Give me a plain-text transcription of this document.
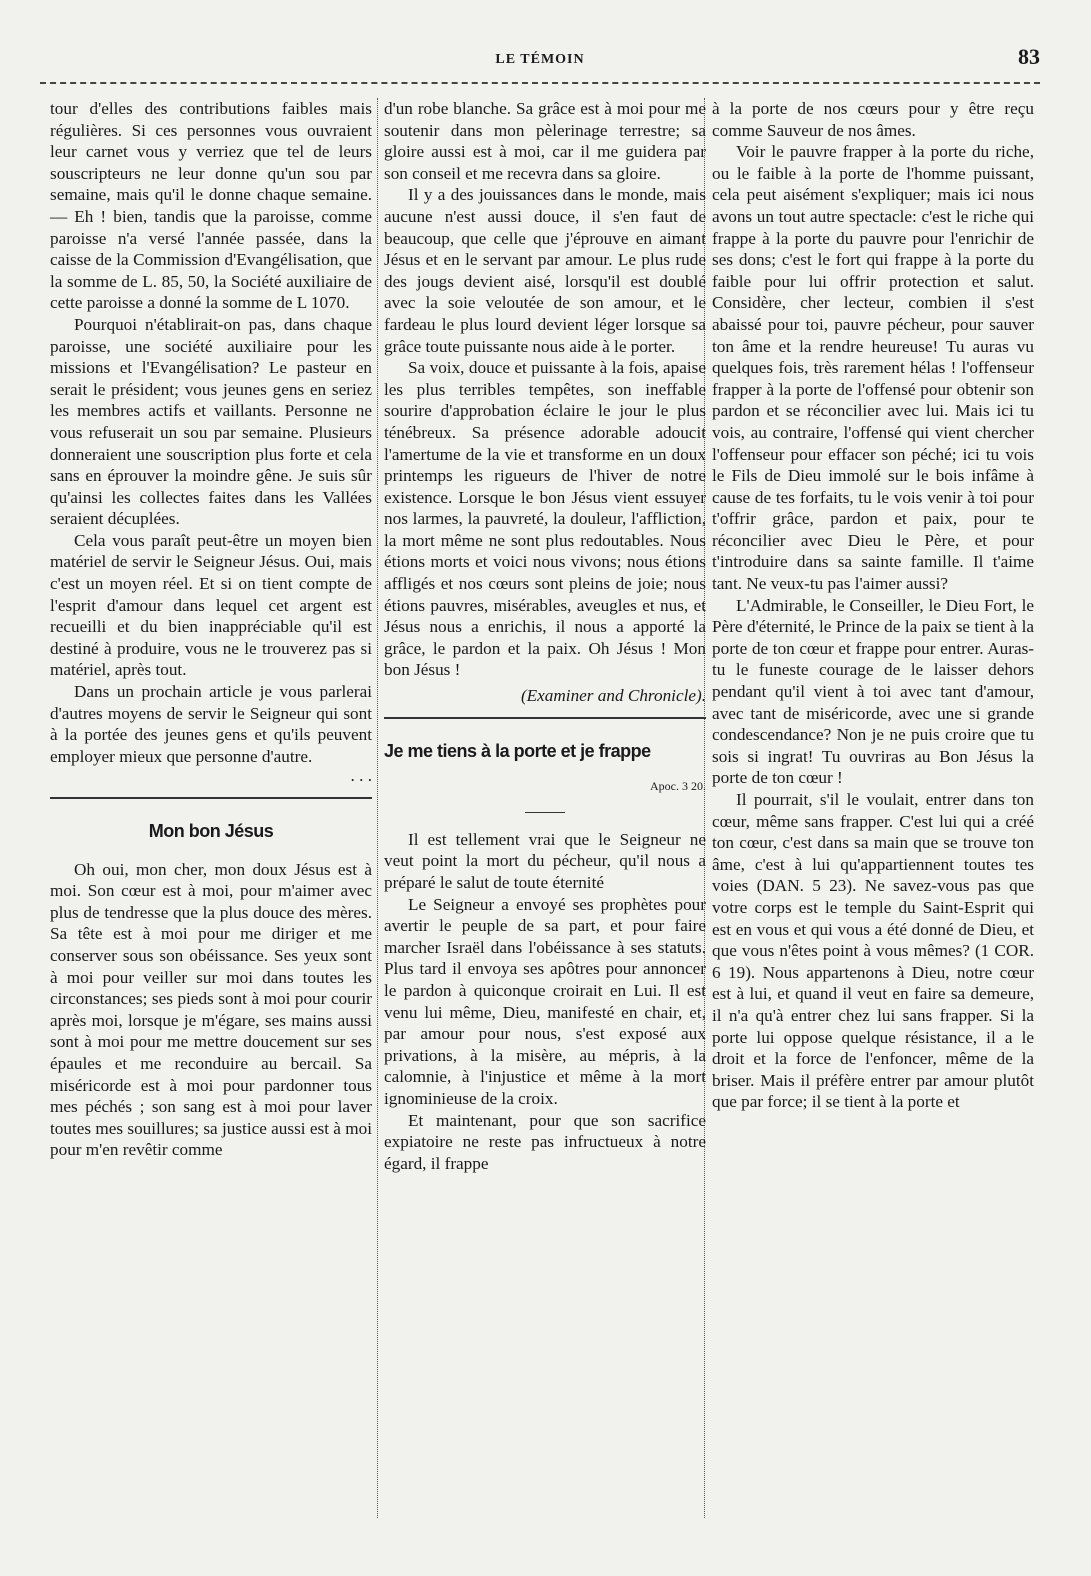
LE TÉMOIN	83

tour d'elles des contributions faibles mais régulières. Si ces personnes vous ouvraient leur carnet vous y verriez que tel de leurs souscripteurs ne leur donne qu'un sou par semaine, mais qu'il le donne chaque semaine. — Eh ! bien, tandis que la paroisse, comme paroisse n'a versé l'année passée, dans la caisse de la Commission d'Evangélisation, que la somme de L. 85, 50, la Société auxiliaire de cette paroisse a donné la somme de L 1070.

Pourquoi n'établirait-on pas, dans chaque paroisse, une société auxiliaire pour les missions et l'Evangélisation? Le pasteur en serait le président; vous jeunes gens en seriez les membres actifs et vaillants. Personne ne vous refuserait un sou par semaine. Plusieurs donneraient une souscription plus forte et cela sans en éprouver la moindre gêne. Je suis sûr qu'ainsi les collectes faites dans les Vallées seraient décuplées.

Cela vous paraît peut-être un moyen bien matériel de servir le Seigneur Jésus. Oui, mais c'est un moyen réel. Et si on tient compte de l'esprit d'amour dans lequel cet argent est recueilli et du bien inappréciable qu'il est destiné à produire, vous ne le trouverez pas si matériel, après tout.

Dans un prochain article je vous parlerai d'autres moyens de servir le Seigneur qui sont à la portée des jeunes gens et qu'ils peuvent employer mieux que personne d'autre.

. . .
Mon bon Jésus

Oh oui, mon cher, mon doux Jésus est à moi. Son cœur est à moi, pour m'aimer avec plus de tendresse que la plus douce des mères. Sa tête est à moi pour me diriger et me conserver sous son obéissance. Ses yeux sont à moi pour veiller sur moi dans toutes les circonstances; ses pieds sont à moi pour courir après moi, lorsque je m'égare, ses mains aussi sont à moi pour me mettre doucement sur ses épaules et me reconduire au bercail. Sa miséricorde est à moi pour pardonner tous mes péchés ; son sang est à moi pour laver toutes mes souillures; sa justice aussi est à moi pour m'en revêtir comme

d'un robe blanche. Sa grâce est à moi pour me soutenir dans mon pèlerinage terrestre; sa gloire aussi est à moi, car il me guidera par son conseil et me recevra dans sa gloire.

Il y a des jouissances dans le monde, mais aucune n'est aussi douce, il s'en faut de beaucoup, que celle que j'éprouve en aimant Jésus et en le servant par amour. Le plus rude des jougs devient aisé, lorsqu'il est doublé avec la soie veloutée de son amour, et le fardeau le plus lourd devient léger lorsque sa grâce toute puissante nous aide à le porter.

Sa voix, douce et puissante à la fois, apaise les plus terribles tempêtes, son ineffable sourire d'approbation éclaire le jour le plus ténébreux. Sa présence adorable adoucit l'amertume de la vie et transforme en un doux printemps les rigueurs de l'hiver de notre existence. Lorsque le bon Jésus vient essuyer nos larmes, la pauvreté, la douleur, l'affliction, la mort même ne sont plus redoutables. Nous étions morts et voici nous vivons; nous étions affligés et nos cœurs sont pleins de joie; nous étions pauvres, misérables, aveugles et nus, et Jésus nous a enrichis, il nous a apporté la grâce, le pardon et la paix. Oh Jésus ! Mon bon Jésus !

(Examiner and Chronicle).
Je me tiens à la porte et je frappe
Apoc. 3 20.

Il est tellement vrai que le Seigneur ne veut point la mort du pécheur, qu'il nous a préparé le salut de toute éternité

Le Seigneur a envoyé ses prophètes pour avertir le peuple de sa part, et pour faire marcher Israël dans l'obéissance à ses statuts. Plus tard il envoya ses apôtres pour annoncer le pardon à quiconque croirait en Lui. Il est venu lui même, Dieu, manifesté en chair, et, par amour pour nous, s'est exposé aux privations, à la misère, au mépris, à la calomnie, à l'injustice et même à la mort ignominieuse de la croix.

Et maintenant, pour que son sacrifice expiatoire ne reste pas infructueux à notre égard, il frappe

à la porte de nos cœurs pour y être reçu comme Sauveur de nos âmes.

Voir le pauvre frapper à la porte du riche, ou le faible à la porte de l'homme puissant, cela peut aisément s'expliquer; mais ici nous avons un tout autre spectacle: c'est le riche qui frappe à la porte du pauvre pour l'enrichir de ses dons; c'est le fort qui frappe à la porte du faible pour lui offrir protection et salut. Considère, cher lecteur, combien il s'est abaissé pour toi, pauvre pécheur, pour sauver ton âme et la rendre heureuse! Tu auras vu quelques fois, très rarement hélas ! l'offenseur frapper à la porte de l'offensé pour obtenir son pardon et se réconcilier avec lui. Mais ici tu vois, au contraire, l'offensé qui vient chercher l'offenseur pour effacer son péché; ici tu vois le Fils de Dieu immolé sur le bois infâme à cause de tes forfaits, tu le vois venir à toi pour t'offrir grâce, pardon et paix, pour te réconcilier avec Dieu le Père, et pour t'introduire dans sa sainte famille. Il t'aime tant. Ne veux-tu pas l'aimer aussi?

L'Admirable, le Conseiller, le Dieu Fort, le Père d'éternité, le Prince de la paix se tient à la porte de ton cœur et frappe pour entrer. Auras-tu le funeste courage de le laisser dehors pendant qu'il vient à toi avec tant d'amour, avec tant de miséricorde, avec une si grande condescendance? Non je ne puis croire que tu sois si ingrat! Tu ouvriras au Bon Jésus la porte de ton cœur !

Il pourrait, s'il le voulait, entrer dans ton cœur, même sans frapper. C'est lui qui a créé ton cœur, c'est dans sa main que se trouve ton âme, c'est à lui qu'appartiennent toutes tes voies (DAN. 5 23). Ne savez-vous pas que votre corps est le temple du Saint-Esprit qui est en vous et qui vous a été donné de Dieu, et que vous n'êtes point à vous mêmes? (1 COR. 6 19). Nous appartenons à Dieu, notre cœur est à lui, et quand il veut en faire sa demeure, il n'a qu'à entrer chez lui sans frapper. Si la porte lui oppose quelque résistance, il a le droit et la force de l'enfoncer, même de la briser. Mais il préfère entrer par amour plutôt que par force; il se tient à la porte et
